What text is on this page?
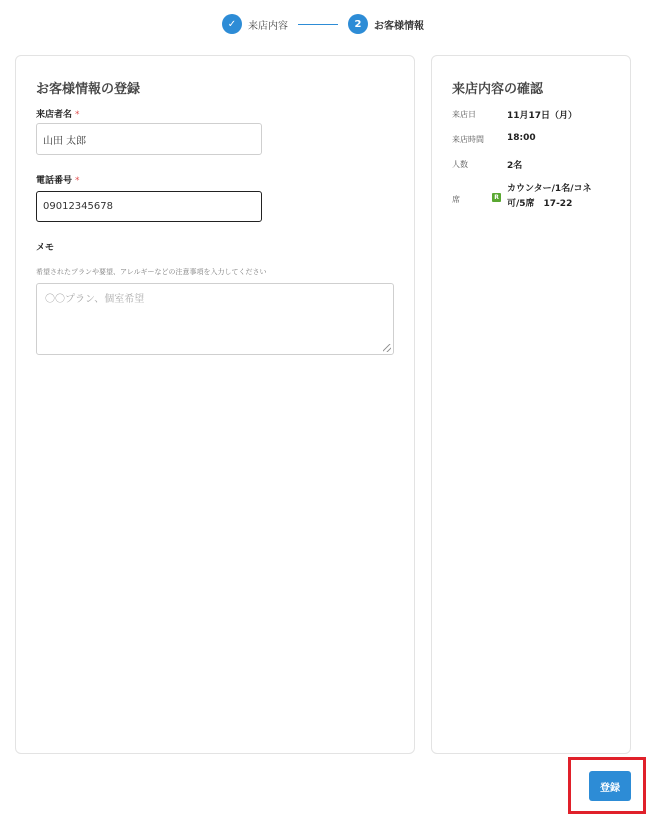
✓	来店内容	2	お客様情報
お客様情報の登録
来店者名 *
山田 太郎
電話番号 *
09012345678
メモ
希望されたプランや要望、アレルギーなどの注意事項を入力してください
〇〇プラン、個室希望
来店内容の確認
来店日	11月17日（月）
来店時間	18:00
人数	2名
席	R
カウンター/1名/コネ可/5席　17-22
登録
